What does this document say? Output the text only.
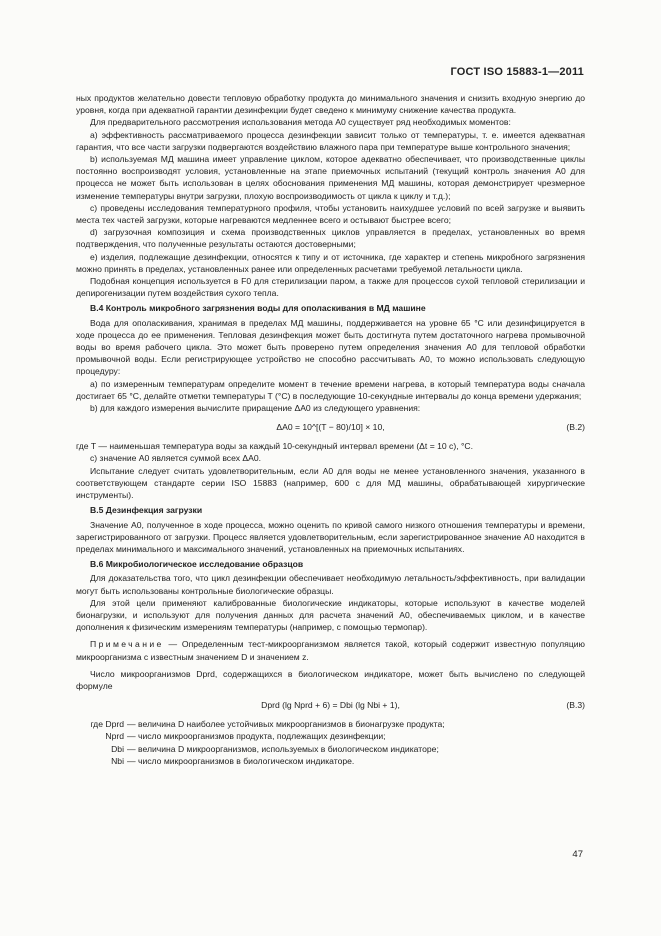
ГОСТ ISO 15883-1—2011

ных продуктов желательно довести тепловую обработку продукта до минимального значения и снизить входную энергию до уровня, когда при адекватной гарантии дезинфекции будет сведено к минимуму снижение качества продукта.

Для предварительного рассмотрения использования метода A0 существует ряд необходимых моментов:

а) эффективность рассматриваемого процесса дезинфекции зависит только от температуры, т. е. имеется адекватная гарантия, что все части загрузки подвергаются воздействию влажного пара при температуре выше контрольного значения;

b) используемая МД машина имеет управление циклом, которое адекватно обеспечивает, что производственные циклы постоянно воспроизводят условия, установленные на этапе приемочных испытаний (текущий контроль значения A0 для процесса не может быть использован в целях обоснования применения МД машины, которая демонстрирует чрезмерное изменение температуры внутри загрузки, плохую воспроизводимость от цикла к циклу и т.д.);

с) проведены исследования температурного профиля, чтобы установить наихудшее условий по всей загрузке и выявить места тех частей загрузки, которые нагреваются медленнее всего и остывают быстрее всего;

d) загрузочная композиция и схема производственных циклов управляется в пределах, установленных во время подтверждения, что полученные результаты остаются достоверными;

е) изделия, подлежащие дезинфекции, относятся к типу и от источника, где характер и степень микробного загрязнения можно принять в пределах, установленных ранее или определенных расчетами требуемой летальности цикла.

Подобная концепция используется в F0 для стерилизации паром, а также для процессов сухой тепловой стерилизации и депирогенизации путем воздействия сухого тепла.

В.4 Контроль микробного загрязнения воды для ополаскивания в МД машине

Вода для ополаскивания, хранимая в пределах МД машины, поддерживается на уровне 65 °С или дезинфицируется в ходе процесса до ее применения. Тепловая дезинфекция может быть достигнута путем достаточного нагрева промывочной воды во время рабочего цикла. Это может быть проверено путем определения значения A0 для тепловой обработки промывочной воды. Если регистрирующее устройство не способно рассчитывать A0, то можно использовать следующую процедуру:

а) по измеренным температурам определите момент в течение времени нагрева, в который температура воды сначала достигает 65 °С, делайте отметки температуры T (°С) в последующие 10-секундные интервалы до конца времени удержания;

b) для каждого измерения вычислите приращение ΔA0 из следующего уравнения:

ΔA0 = 10^[(T − 80)/10] × 10,	(В.2)

где T — наименьшая температура воды за каждый 10-секундный интервал времени (Δt = 10 с), °С.

с) значение A0 является суммой всех ΔA0.

Испытание следует считать удовлетворительным, если A0 для воды не менее установленного значения, указанного в соответствующем стандарте серии ISO 15883 (например, 600 с для МД машины, обрабатывающей хирургические инструменты).

В.5 Дезинфекция загрузки

Значение A0, полученное в ходе процесса, можно оценить по кривой самого низкого отношения температуры и времени, зарегистрированного от загрузки. Процесс является удовлетворительным, если зарегистрированное значение A0 находится в пределах минимального и максимального значений, установленных на приемочных испытаниях.

В.6 Микробиологическое исследование образцов

Для доказательства того, что цикл дезинфекции обеспечивает необходимую летальность/эффективность, при валидации могут быть использованы контрольные биологические образцы.

Для этой цели применяют калиброванные биологические индикаторы, которые используют в качестве моделей бионагрузки, и используют для получения данных для расчета значений A0, обеспечиваемых циклом, и в качестве дополнения к физическим измерениям температуры (например, с помощью термопар).

Примечание — Определенным тест-микроорганизмом является такой, который содержит известную популяцию микроорганизма с известным значением D и значением z.

Число микроорганизмов Dprd, содержащихся в биологическом индикаторе, может быть вычислено по следующей формуле

Dprd (lg Nprd + 6) = Dbi (lg Nbi + 1),	(В.3)
где Dprd — величина D наиболее устойчивых микроорганизмов в бионагрузке продукта;
Nprd — число микроорганизмов продукта, подлежащих дезинфекции;
Dbi — величина D микроорганизмов, используемых в биологическом индикаторе;
Nbi — число микроорганизмов в биологическом индикаторе.
47
